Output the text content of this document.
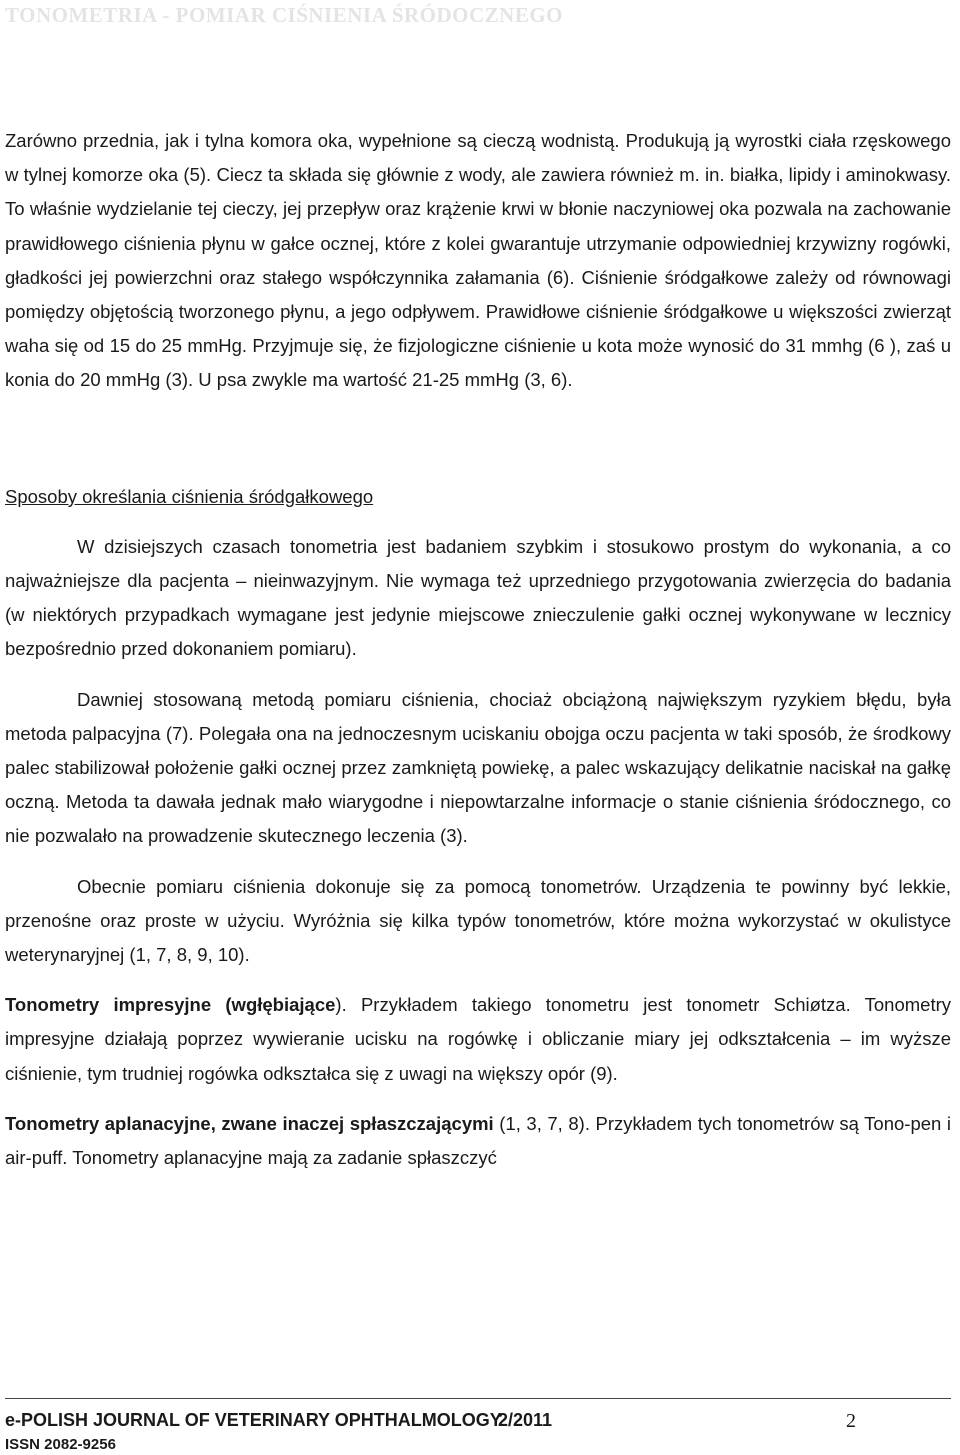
TONOMETRIA - POMIAR CIŚNIENIA ŚRÓDOCZNEGO

Zarówno przednia, jak i tylna komora oka, wypełnione są cieczą wodnistą. Produkują ją wyrostki ciała rzęskowego w tylnej komorze oka (5). Ciecz ta składa się głównie z wody, ale zawiera również m. in. białka, lipidy i aminokwasy. To właśnie wydzielanie tej cieczy, jej przepływ oraz krążenie krwi w błonie naczyniowej oka pozwala na zachowanie prawidłowego ciśnienia płynu w gałce ocznej, które z kolei gwarantuje utrzymanie odpowiedniej krzywizny rogówki, gładkości jej powierzchni oraz stałego współczynnika załamania (6). Ciśnienie śródgałkowe zależy od równowagi pomiędzy objętością tworzonego płynu, a jego odpływem. Prawidłowe ciśnienie śródgałkowe u większości zwierząt waha się od 15 do 25 mmHg. Przyjmuje się, że fizjologiczne ciśnienie u kota może wynosić do 31 mmhg (6 ), zaś u konia do 20 mmHg (3). U psa zwykle ma wartość 21-25 mmHg (3, 6).

Sposoby określania ciśnienia śródgałkowego

W dzisiejszych czasach tonometria jest badaniem szybkim i stosukowo prostym do wykonania, a co najważniejsze dla pacjenta – nieinwazyjnym. Nie wymaga też uprzedniego przygotowania zwierzęcia do badania (w niektórych przypadkach wymagane jest jedynie miejscowe znieczulenie gałki ocznej wykonywane w lecznicy bezpośrednio przed dokonaniem pomiaru).

Dawniej stosowaną metodą pomiaru ciśnienia, chociaż obciążoną największym ryzykiem błędu, była metoda palpacyjna (7). Polegała ona na jednoczesnym uciskaniu obojga oczu pacjenta w taki sposób, że środkowy palec stabilizował położenie gałki ocznej przez zamkniętą powiekę, a palec wskazujący delikatnie naciskał na gałkę oczną. Metoda ta dawała jednak mało wiarygodne i niepowtarzalne informacje o stanie ciśnienia śródocznego, co nie pozwalało na prowadzenie skutecznego leczenia (3).

Obecnie pomiaru ciśnienia dokonuje się za pomocą tonometrów. Urządzenia te powinny być lekkie, przenośne oraz proste w użyciu. Wyróżnia się kilka typów tonometrów, które można wykorzystać w okulistyce weterynaryjnej (1, 7, 8, 9, 10).

Tonometry impresyjne (wgłębiające). Przykładem takiego tonometru jest tonometr Schiøtza. Tonometry impresyjne działają poprzez wywieranie ucisku na rogówkę i obliczanie miary jej odkształcenia – im wyższe ciśnienie, tym trudniej rogówka odkształca się z uwagi na większy opór (9).

Tonometry aplanacyjne, zwane inaczej spłaszczającymi (1, 3, 7, 8). Przykładem tych tonometrów są Tono-pen i air-puff. Tonometry aplanacyjne mają za zadanie spłaszczyć

e-POLISH JOURNAL OF VETERINARY OPHTHALMOLOGY
2/2011	2
ISSN 2082-9256
